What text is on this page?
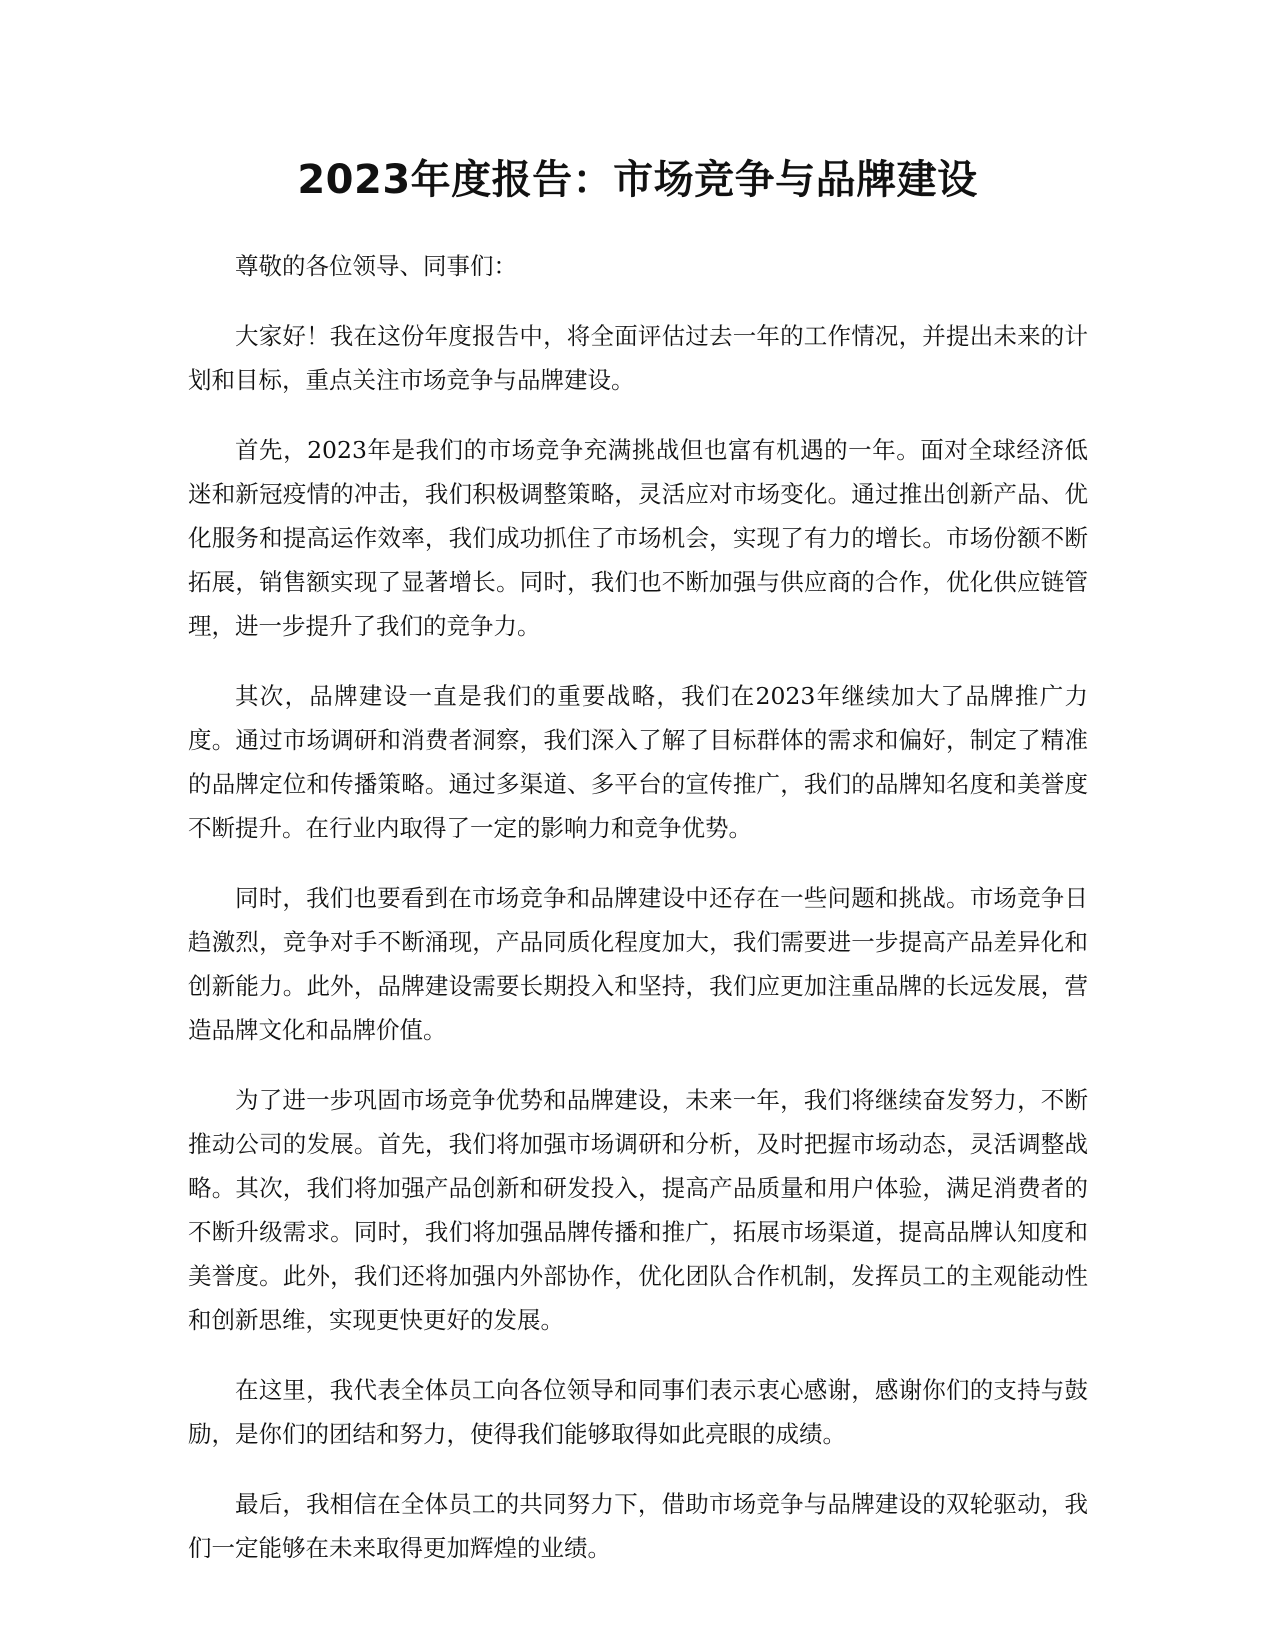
2023年度报告：市场竞争与品牌建设

尊敬的各位领导、同事们：

大家好！我在这份年度报告中，将全面评估过去一年的工作情况，并提出未来的计划和目标，重点关注市场竞争与品牌建设。

首先，2023年是我们的市场竞争充满挑战但也富有机遇的一年。面对全球经济低迷和新冠疫情的冲击，我们积极调整策略，灵活应对市场变化。通过推出创新产品、优化服务和提高运作效率，我们成功抓住了市场机会，实现了有力的增长。市场份额不断拓展，销售额实现了显著增长。同时，我们也不断加强与供应商的合作，优化供应链管理，进一步提升了我们的竞争力。

其次，品牌建设一直是我们的重要战略，我们在2023年继续加大了品牌推广力度。通过市场调研和消费者洞察，我们深入了解了目标群体的需求和偏好，制定了精准的品牌定位和传播策略。通过多渠道、多平台的宣传推广，我们的品牌知名度和美誉度不断提升。在行业内取得了一定的影响力和竞争优势。

同时，我们也要看到在市场竞争和品牌建设中还存在一些问题和挑战。市场竞争日趋激烈，竞争对手不断涌现，产品同质化程度加大，我们需要进一步提高产品差异化和创新能力。此外，品牌建设需要长期投入和坚持，我们应更加注重品牌的长远发展，营造品牌文化和品牌价值。

为了进一步巩固市场竞争优势和品牌建设，未来一年，我们将继续奋发努力，不断推动公司的发展。首先，我们将加强市场调研和分析，及时把握市场动态，灵活调整战略。其次，我们将加强产品创新和研发投入，提高产品质量和用户体验，满足消费者的不断升级需求。同时，我们将加强品牌传播和推广，拓展市场渠道，提高品牌认知度和美誉度。此外，我们还将加强内外部协作，优化团队合作机制，发挥员工的主观能动性和创新思维，实现更快更好的发展。

在这里，我代表全体员工向各位领导和同事们表示衷心感谢，感谢你们的支持与鼓励，是你们的团结和努力，使得我们能够取得如此亮眼的成绩。

最后，我相信在全体员工的共同努力下，借助市场竞争与品牌建设的双轮驱动，我们一定能够在未来取得更加辉煌的业绩。
